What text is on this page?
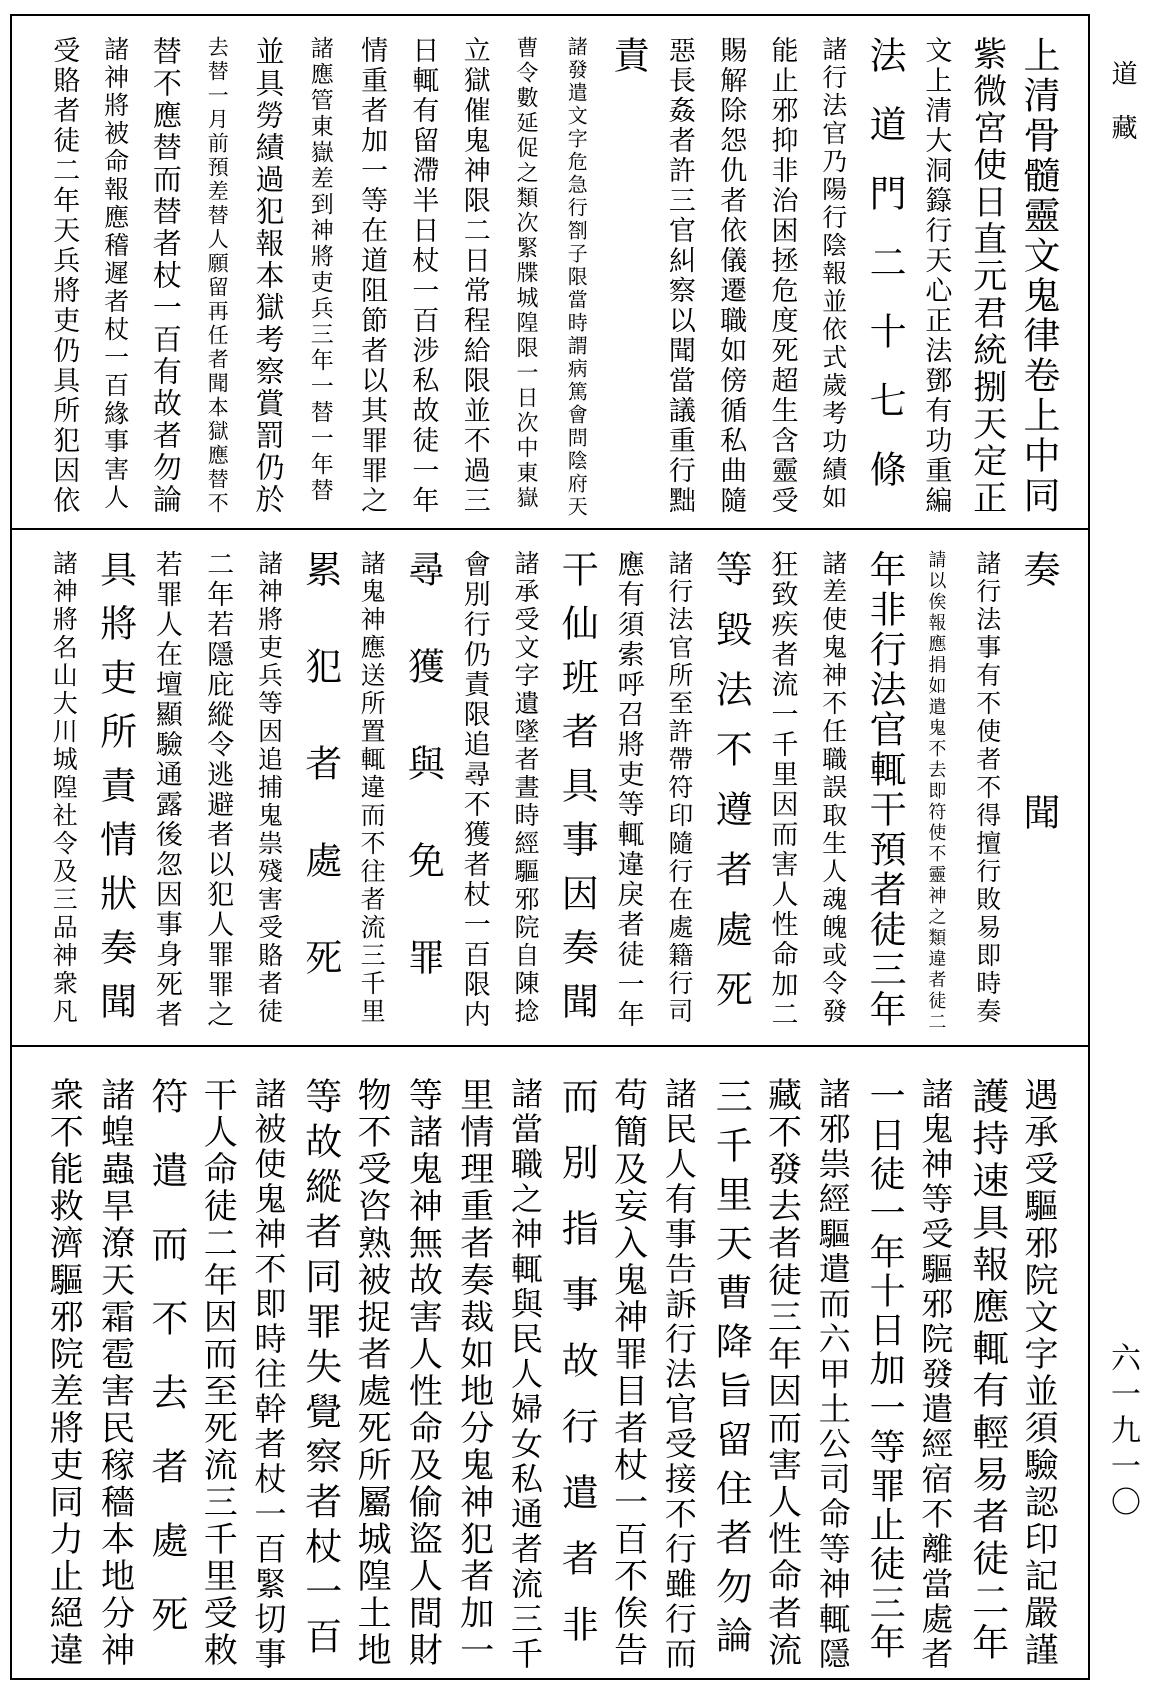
上清骨髓靈文鬼律卷上中同
紫微宮使日直元君統捌天定正
文上清大洞籙行天心正法鄧有功重編
法道門二十七條
諸行法官乃陽行陰報並依式歲考功績如
能止邪抑非治困拯危度死超生含靈受
賜解除怨仇者依儀遷職如傍循私曲隨
惡長姦者許三官糾察以聞當議重行黜
責
諸發遣文字危急行劄子限當時謂病篤會問陰府天
曹令數延促之類次緊牒城隍限一日次中東嶽
立獄催鬼神限二日常程給限並不過三
日輒有留滯半日杖一百涉私故徒一年
情重者加一等在道阻節者以其罪罪之
諸應管東嶽差到神將吏兵三年一替一年替
並具勞績過犯報本獄考察賞罰仍於
去替一月前預差替人願留再任者聞本獄應替不
替不應替而替者杖一百有故者勿論
諸神將被命報應稽遲者杖一百緣事害人
受賂者徒二年天兵將吏仍具所犯因依
奏聞
諸行法事有不使者不得擅行敗易即時奏
請以俟報應捐如遣鬼不去即符使不靈神之類違者徒二
年非行法官輒干預者徒三年
諸差使鬼神不任職誤取生人魂魄或令發
狂致疾者流一千里因而害人性命加二
等毀法不遵者處死
諸行法官所至許帶符印隨行在處籍行司
應有須索呼召將吏等輒違戾者徒一年
干仙班者具事因奏聞
諸承受文字遺墜者晝時經驅邪院自陳捻
會別行仍責限追尋不獲者杖一百限内
尋獲與免罪
諸鬼神應送所置輒違而不往者流三千里
累犯者處死
諸神將吏兵等因追捕鬼祟殘害受賂者徒
二年若隱庇縱令逃避者以犯人罪罪之
若罪人在壇顯驗通露後忽因事身死者
具將吏所責情狀奏聞
諸神將名山大川城隍社令及三品神衆凡
遇承受驅邪院文字並須驗認印記嚴謹
護持速具報應輒有輕易者徒二年
諸鬼神等受驅邪院發遣經宿不離當處者
一日徒一年十日加一等罪止徒三年
諸邪祟經驅遣而六甲土公司命等神輒隱
藏不發去者徒三年因而害人性命者流
三千里天曹降旨留住者勿論
諸民人有事告訴行法官受接不行雖行而
苟簡及妄入鬼神罪目者杖一百不俟告
而別指事故行遣者非
諸當職之神輒與民人婦女私通者流三千
里情理重者奏裁如地分鬼神犯者加一
等諸鬼神無故害人性命及偷盜人間財
物不受咨熟被捉者處死所屬城隍土地
等故縱者同罪失覺察者杖一百
諸被使鬼神不即時往幹者杖一百緊切事
干人命徒二年因而至死流三千里受敕
符遣而不去者處死
諸蝗蟲旱潦天霜雹害民稼穡本地分神
衆不能救濟驅邪院差將吏同力止絕違
道藏
六一九一〇
